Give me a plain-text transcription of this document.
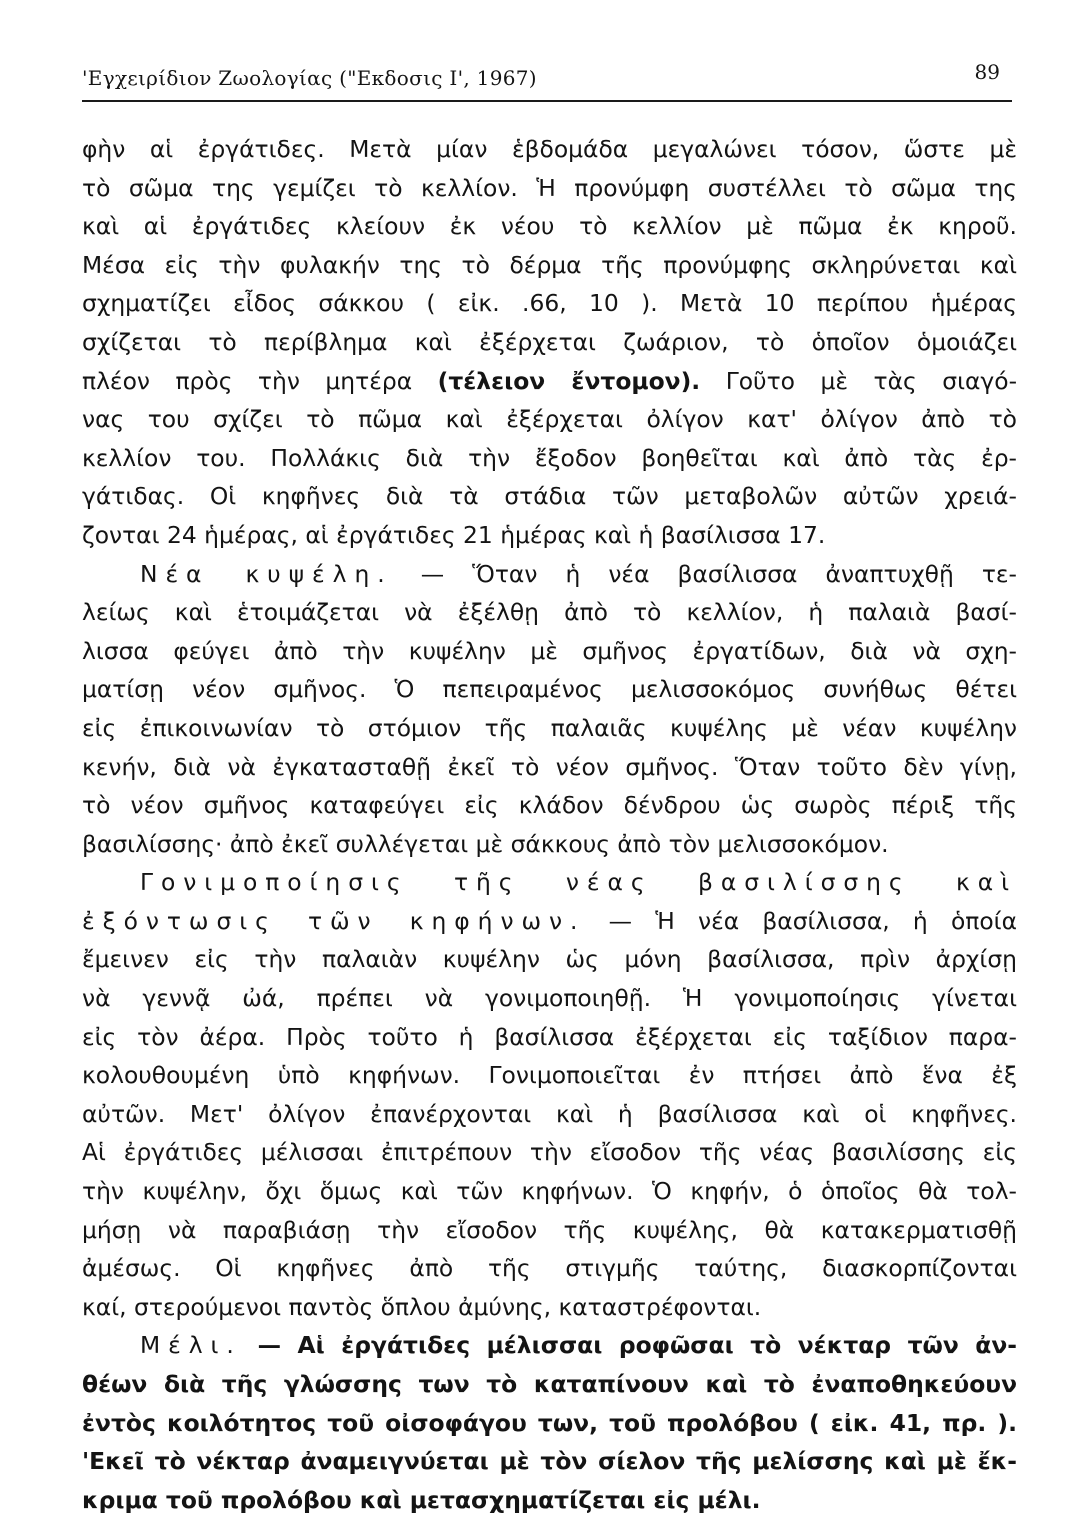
'Εγχειρίδιον Ζωολογίας ("Εκδοσις Ι', 1967)	89

φὴν αἱ ἐργάτιδες. Μετὰ μίαν ἑβδομάδα μεγαλώνει τόσον, ὥστε μὲ

τὸ σῶμα της γεμίζει τὸ κελλίον. Ἡ προνύμφη συστέλλει τὸ σῶμα της

καὶ αἱ ἐργάτιδες κλείουν ἐκ νέου τὸ κελλίον μὲ πῶμα ἐκ κηροῦ.

Μέσα εἰς τὴν φυλακήν της τὸ δέρμα τῆς προνύμφης σκληρύνεται καὶ

σχηματίζει εἶδος σάκκου ( εἰκ. .66, 10 ). Μετὰ 10 περίπου ἡμέρας

σχίζεται τὸ περίβλημα καὶ ἐξέρχεται ζωάριον, τὸ ὁποῖον ὁμοιάζει

πλέον πρὸς τὴν μητέρα (τέλειον ἔντομον). Γοῦτο μὲ τὰς σιαγό-

νας του σχίζει τὸ πῶμα καὶ ἐξέρχεται ὀλίγον κατ' ὀλίγον ἀπὸ τὸ

κελλίον του. Πολλάκις διὰ τὴν ἔξοδον βοηθεῖται καὶ ἀπὸ τὰς ἐρ-

γάτιδας. Οἱ κηφῆνες διὰ τὰ στάδια τῶν μεταβολῶν αὐτῶν χρειά-

ζονται 24 ἡμέρας, αἱ ἐργάτιδες 21 ἡμέρας καὶ ἡ βασίλισσα 17.

Νέα κυψέλη. — Ὅταν ἡ νέα βασίλισσα ἀναπτυχθῇ τε-

λείως καὶ ἑτοιμάζεται νὰ ἐξέλθῃ ἀπὸ τὸ κελλίον, ἡ παλαιὰ βασί-

λισσα φεύγει ἀπὸ τὴν κυψέλην μὲ σμῆνος ἐργατίδων, διὰ νὰ σχη-

ματίσῃ νέον σμῆνος. Ὁ πεπειραμένος μελισσοκόμος συνήθως θέτει

εἰς ἐπικοινωνίαν τὸ στόμιον τῆς παλαιᾶς κυψέλης μὲ νέαν κυψέλην

κενήν, διὰ νὰ ἐγκατασταθῇ ἐκεῖ τὸ νέον σμῆνος. Ὅταν τοῦτο δὲν γίνῃ,

τὸ νέον σμῆνος καταφεύγει εἰς κλάδον δένδρου ὡς σωρὸς πέριξ τῆς

βασιλίσσης· ἀπὸ ἐκεῖ συλλέγεται μὲ σάκκους ἀπὸ τὸν μελισσοκόμον.

Γονιμοποίησις τῆς νέας βασιλίσσης καὶ

ἐξόντωσις τῶν κηφήνων. — Ἡ νέα βασίλισσα, ἡ ὁποία

ἔμεινεν εἰς τὴν παλαιὰν κυψέλην ὡς μόνη βασίλισσα, πρὶν ἀρχίσῃ

νὰ γεννᾷ ὠά, πρέπει νὰ γονιμοποιηθῇ. Ἡ γονιμοποίησις γίνεται

εἰς τὸν ἀέρα. Πρὸς τοῦτο ἡ βασίλισσα ἐξέρχεται εἰς ταξίδιον παρα-

κολουθουμένη ὑπὸ κηφήνων. Γονιμοποιεῖται ἐν πτήσει ἀπὸ ἕνα ἐξ

αὐτῶν. Μετ' ὀλίγον ἐπανέρχονται καὶ ἡ βασίλισσα καὶ οἱ κηφῆνες.

Αἱ ἐργάτιδες μέλισσαι ἐπιτρέπουν τὴν εἴσοδον τῆς νέας βασιλίσσης εἰς

τὴν κυψέλην, ὄχι ὅμως καὶ τῶν κηφήνων. Ὁ κηφήν, ὁ ὁποῖος θὰ τολ-

μήσῃ νὰ παραβιάσῃ τὴν εἴσοδον τῆς κυψέλης, θὰ κατακερματισθῇ

ἀμέσως. Οἱ κηφῆνες ἀπὸ τῆς στιγμῆς ταύτης, διασκορπίζονται

καί, στερούμενοι παντὸς ὅπλου ἀμύνης, καταστρέφονται.

Μέλι. — Αἱ ἐργάτιδες μέλισσαι ροφῶσαι τὸ νέκταρ τῶν ἀν-

θέων διὰ τῆς γλώσσης των τὸ καταπίνουν καὶ τὸ ἐναποθηκεύουν

ἐντὸς κοιλότητος τοῦ οἰσοφάγου των, τοῦ προλόβου ( εἰκ. 41, πρ. ).

'Εκεῖ τὸ νέκταρ ἀναμειγνύεται μὲ τὸν σίελον τῆς μελίσσης καὶ μὲ ἔκ-

κριμα τοῦ προλόβου καὶ μετασχηματίζεται εἰς μέλι.
